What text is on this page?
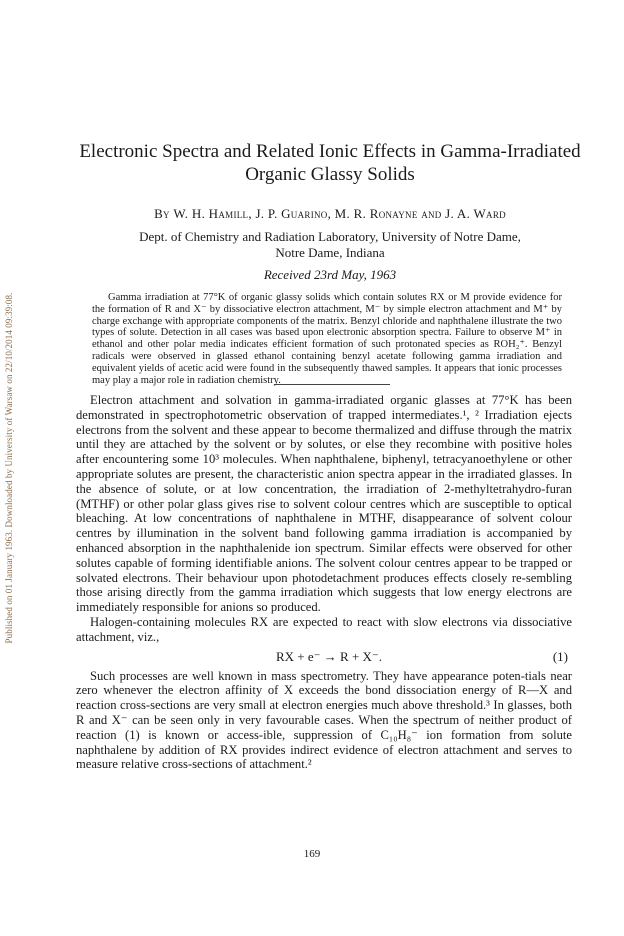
Published on 01 January 1963. Downloaded by University of Warsaw on 22/10/2014 09:39:08.
Electronic Spectra and Related Ionic Effects in Gamma-Irradiated Organic Glassy Solids
By W. H. Hamill, J. P. Guarino, M. R. Ronayne and J. A. Ward
Dept. of Chemistry and Radiation Laboratory, University of Notre Dame,
Notre Dame, Indiana
Received 23rd May, 1963

Gamma irradiation at 77°K of organic glassy solids which contain solutes RX or M provide evidence for the formation of R and X⁻ by dissociative electron attachment, M⁻ by simple electron attachment and M⁺ by charge exchange with appropriate components of the matrix. Benzyl chloride and naphthalene illustrate the two types of solute. Detection in all cases was based upon electronic absorption spectra. Failure to observe M⁺ in ethanol and other polar media indicates efficient formation of such protonated species as ROH₂⁺. Benzyl radicals were observed in glassed ethanol containing benzyl acetate following gamma irradiation and equivalent yields of acetic acid were found in the subsequently thawed samples. It appears that ionic processes may play a major role in radiation chemistry.

Electron attachment and solvation in gamma-irradiated organic glasses at 77°K has been demonstrated in spectrophotometric observation of trapped intermediates.¹, ² Irradiation ejects electrons from the solvent and these appear to become thermalized and diffuse through the matrix until they are attached by the solvent or by solutes, or else they recombine with positive holes after encountering some 10³ molecules. When naphthalene, biphenyl, tetracyanoethylene or other appropriate solutes are present, the characteristic anion spectra appear in the irradiated glasses. In the absence of solute, or at low concentration, the irradiation of 2-methyltetrahydro-furan (MTHF) or other polar glass gives rise to solvent colour centres which are susceptible to optical bleaching. At low concentrations of naphthalene in MTHF, disappearance of solvent colour centres by illumination in the solvent band following gamma irradiation is accompanied by enhanced absorption in the naphthalenide ion spectrum. Similar effects were observed for other solutes capable of forming identifiable anions. The solvent colour centres appear to be trapped or solvated electrons. Their behaviour upon photodetachment produces effects closely re-sembling those arising directly from the gamma irradiation which suggests that low energy electrons are immediately responsible for anions so produced.

Halogen-containing molecules RX are expected to react with slow electrons via dissociative attachment, viz.,

RX + e⁻ → R + X⁻.	(1)

Such processes are well known in mass spectrometry. They have appearance poten-tials near zero whenever the electron affinity of X exceeds the bond dissociation energy of R—X and reaction cross-sections are very small at electron energies much above threshold.³ In glasses, both R and X⁻ can be seen only in very favourable cases. When the spectrum of neither product of reaction (1) is known or access-ible, suppression of C₁₀H₈⁻ ion formation from solute naphthalene by addition of RX provides indirect evidence of electron attachment and serves to measure relative cross-sections of attachment.²

169
